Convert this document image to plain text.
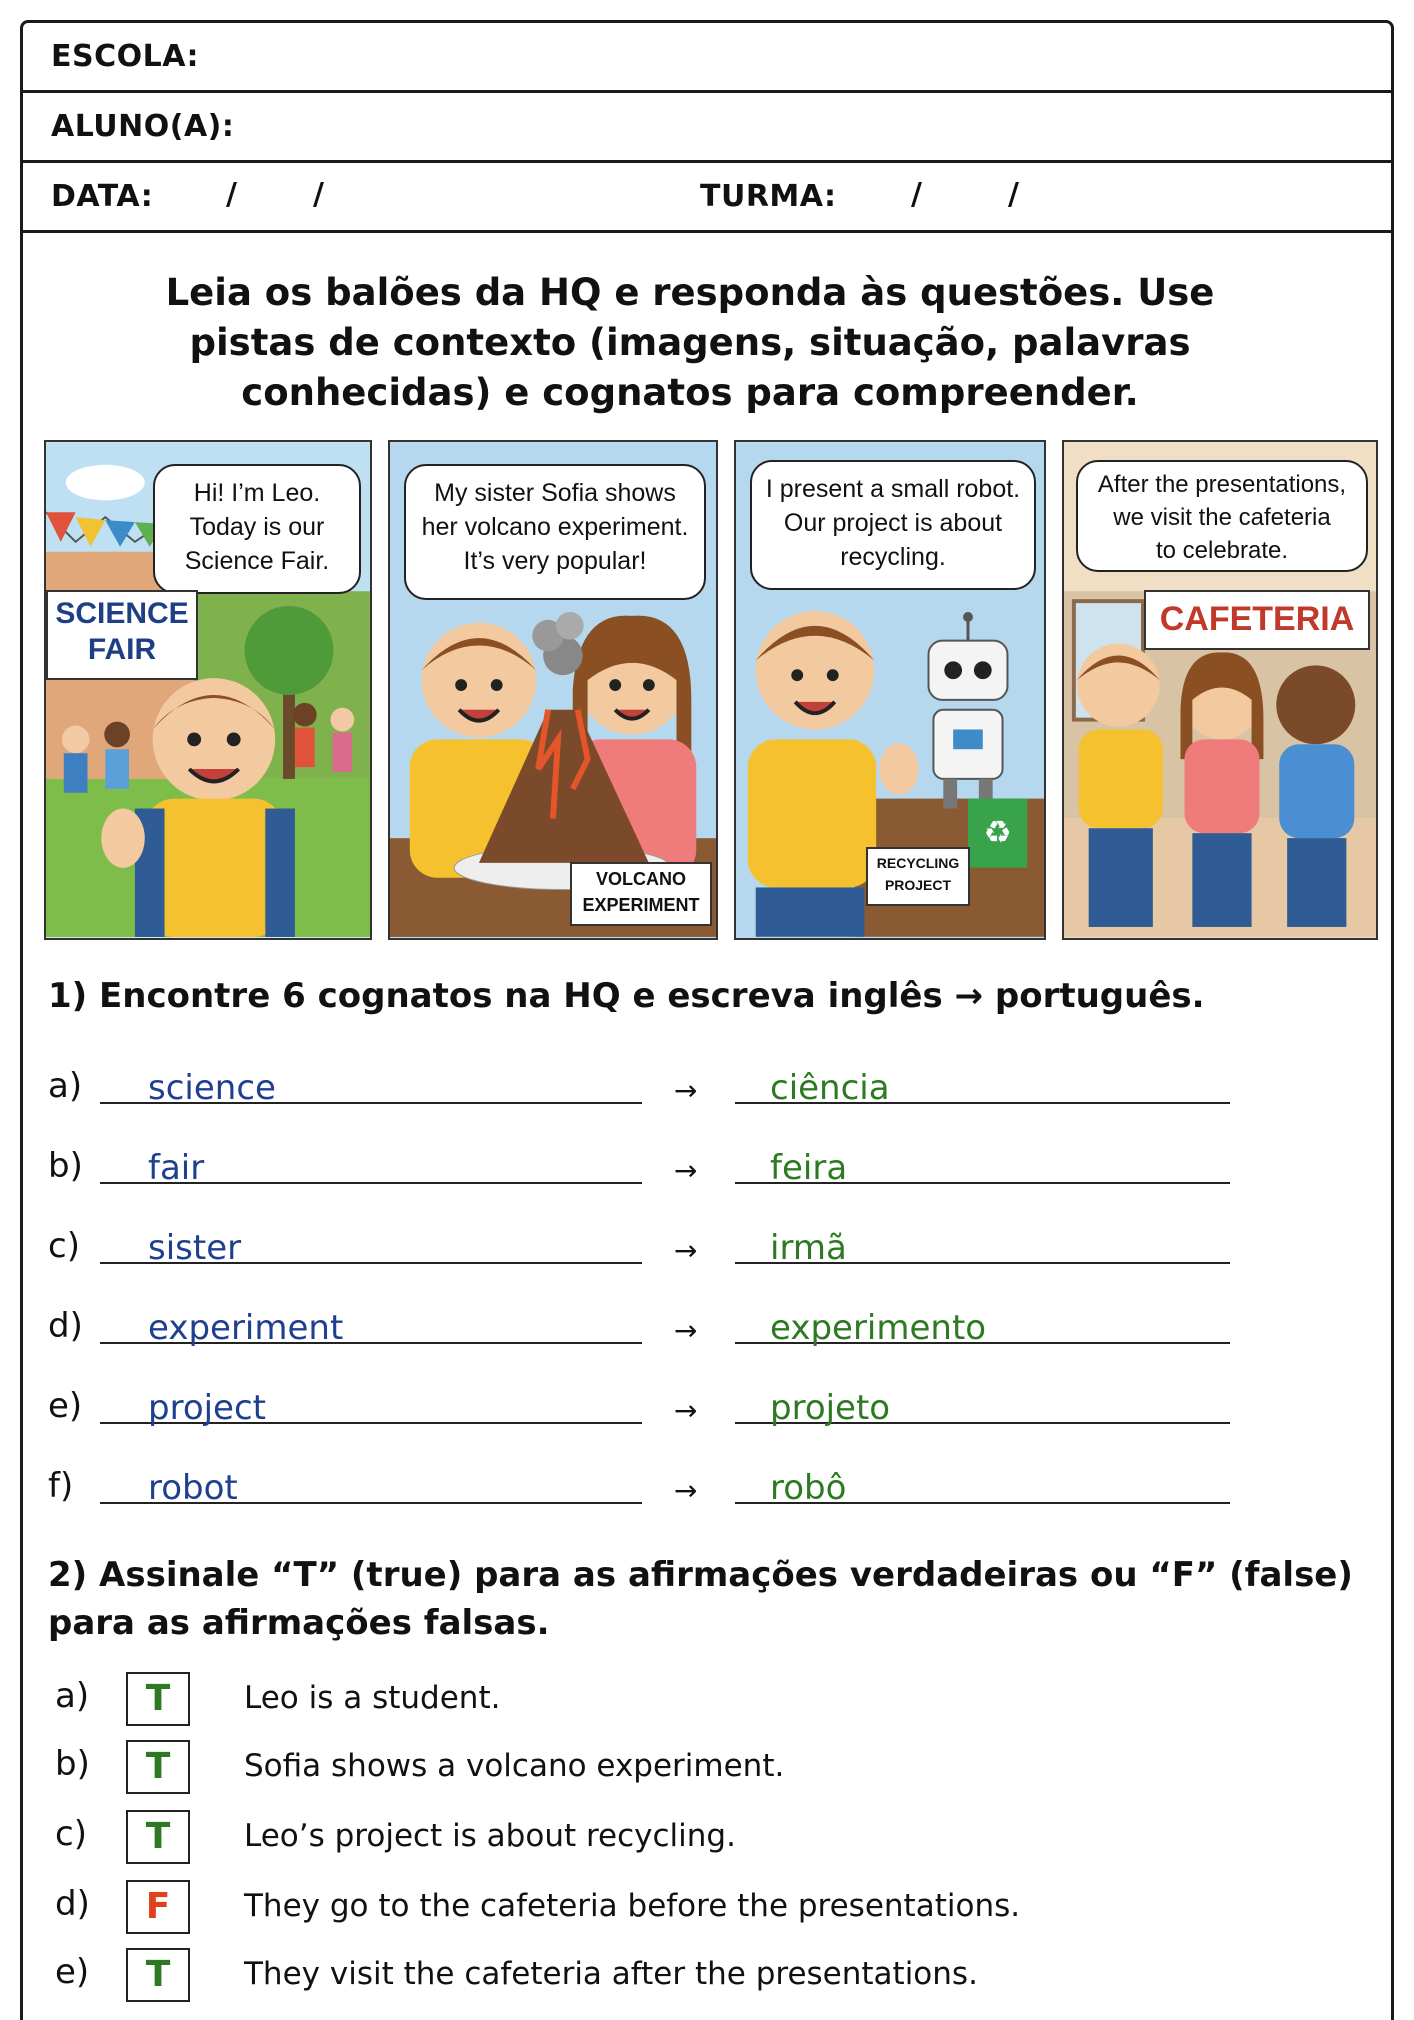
ESCOLA:
ALUNO(A):
DATA: /	/	TURMA: /	/
Leia os balões da HQ e responda às questões. Use pistas de contexto (imagens, situação, palavras conhecidas) e cognatos para compreender.
Hi! I’m Leo.
Today is our
Science Fair.
SCIENCE
FAIR
My sister Sofia shows
her volcano experiment.
It’s very popular!
VOLCANO
EXPERIMENT
♻
I present a small robot.
Our project is about
recycling.
RECYCLING
PROJECT
After the presentations,
we visit the cafeteria
to celebrate.
CAFETERIA
1) Encontre 6 cognatos na HQ e escreva inglês → português.
a) science	→ ciência
b) fair	→ feira
c) sister	→ irmã
d) experiment	→ experimento
e) project	→ projeto
f) robot	→ robô
2) Assinale “T” (true) para as afirmações verdadeiras ou “F” (false)
para as afirmações falsas.
a)	T	Leo is a student.
b)	T	Sofia shows a volcano experiment.
c)	T	Leo’s project is about recycling.
d)	F	They go to the cafeteria before the presentations.
e)	T	They visit the cafeteria after the presentations.
